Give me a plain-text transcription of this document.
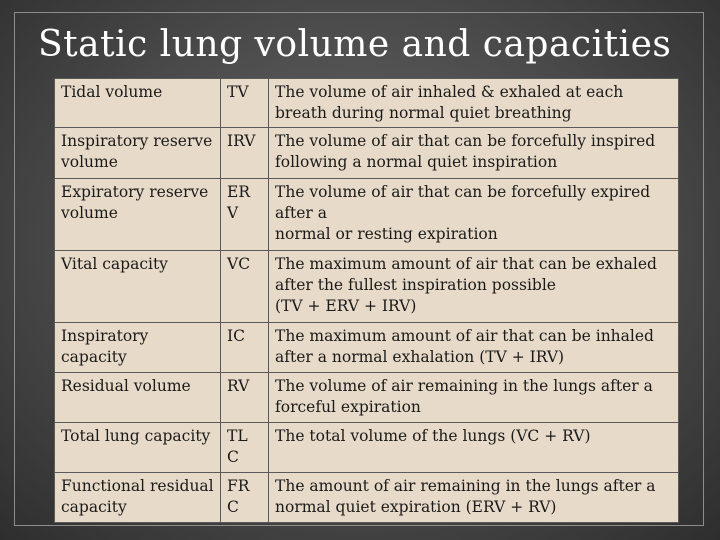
Static lung volume and capacities
Tidal volume	TV	The volume of air inhaled & exhaled at each
breath during normal quiet breathing

Inspiratory reserve volume	IRV	The volume of air that can be forcefully inspired
following a normal quiet inspiration

Expiratory reserve volume	ER V	The volume of air that can be forcefully expired
after a
normal or resting expiration

Vital capacity	VC	The maximum amount of air that can be exhaled
after the fullest inspiration possible
(TV + ERV + IRV)

Inspiratory capacity	IC	The maximum amount of air that can be inhaled
after a normal exhalation (TV + IRV)

Residual volume	RV	The volume of air remaining in the lungs after a
forceful expiration

Total lung capacity	TL C	The total volume of the lungs (VC + RV)

Functional residual capacity	FR C	The amount of air remaining in the lungs after a
normal quiet expiration (ERV + RV)
